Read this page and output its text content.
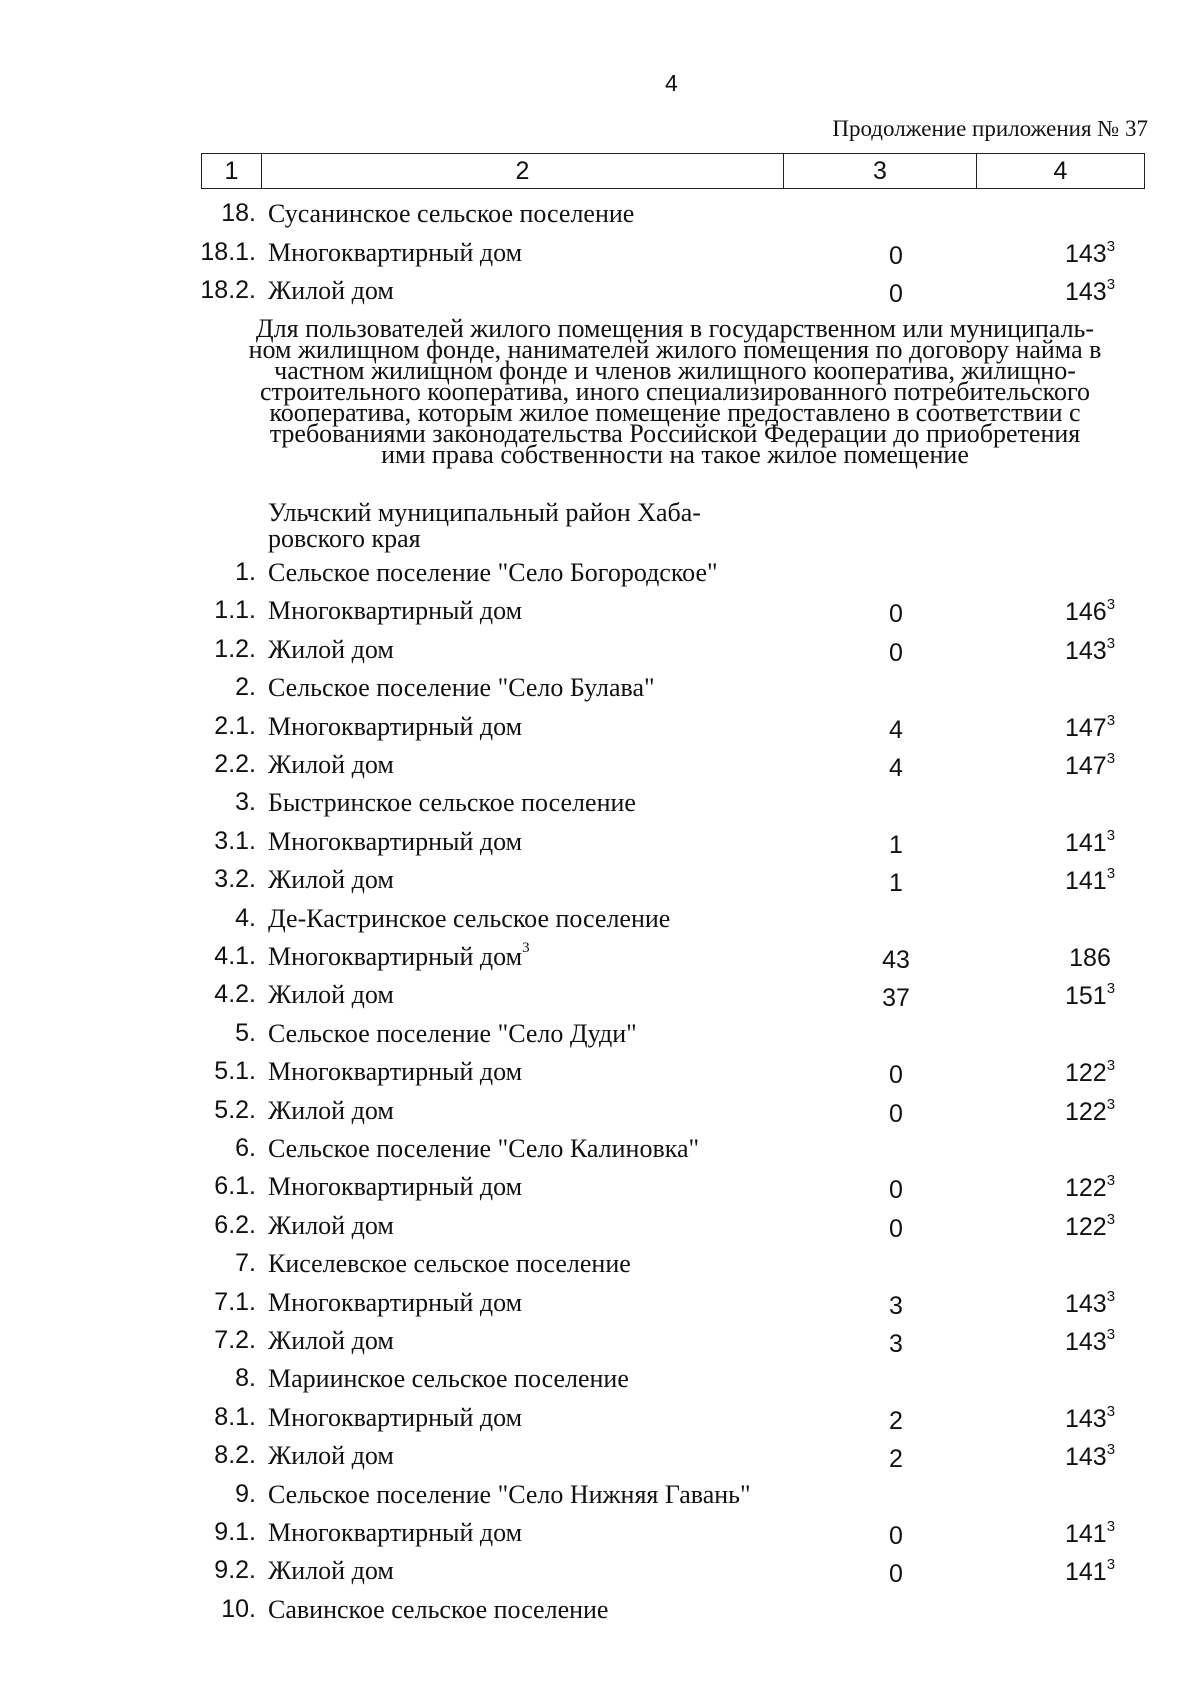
4
Продолжение приложения № 37
1	2	3	4
18. Сусанинское сельское поселение
18.1. Многоквартирный дом	0	$143^3$
18.2. Жилой дом	0	$143^3$
Для пользователей жилого помещения в государственном или муниципаль-
ном жилищном фонде, нанимателей жилого помещения по договору найма в
частном жилищном фонде и членов жилищного кооператива, жилищно-
строительного кооператива, иного специализированного потребительского
кооператива, которым жилое помещение предоставлено в соответствии с
требованиями законодательства Российской Федерации до приобретения
ими права собственности на такое жилое помещение
Ульчский муниципальный район Хаба-
ровского края
1. Сельское поселение "Село Богородское"
1.1. Многоквартирный дом	0	$146^3$
1.2. Жилой дом	0	$143^3$
2. Сельское поселение "Село Булава"
2.1. Многоквартирный дом	4	$147^3$
2.2. Жилой дом	4	$147^3$
3. Быстринское сельское поселение
3.1. Многоквартирный дом	1	$141^3$
3.2. Жилой дом	1	$141^3$
4. Де-Кастринское сельское поселение
4.1. Многоквартирный дом$^3$	43	186
4.2. Жилой дом	37	$151^3$
5. Сельское поселение "Село Дуди"
5.1. Многоквартирный дом	0	$122^3$
5.2. Жилой дом	0	$122^3$
6. Сельское поселение "Село Калиновка"
6.1. Многоквартирный дом	0	$122^3$
6.2. Жилой дом	0	$122^3$
7. Киселевское сельское поселение
7.1. Многоквартирный дом	3	$143^3$
7.2. Жилой дом	3	$143^3$
8. Мариинское сельское поселение
8.1. Многоквартирный дом	2	$143^3$
8.2. Жилой дом	2	$143^3$
9. Сельское поселение "Село Нижняя Гавань"
9.1. Многоквартирный дом	0	$141^3$
9.2. Жилой дом	0	$141^3$
10. Савинское сельское поселение
